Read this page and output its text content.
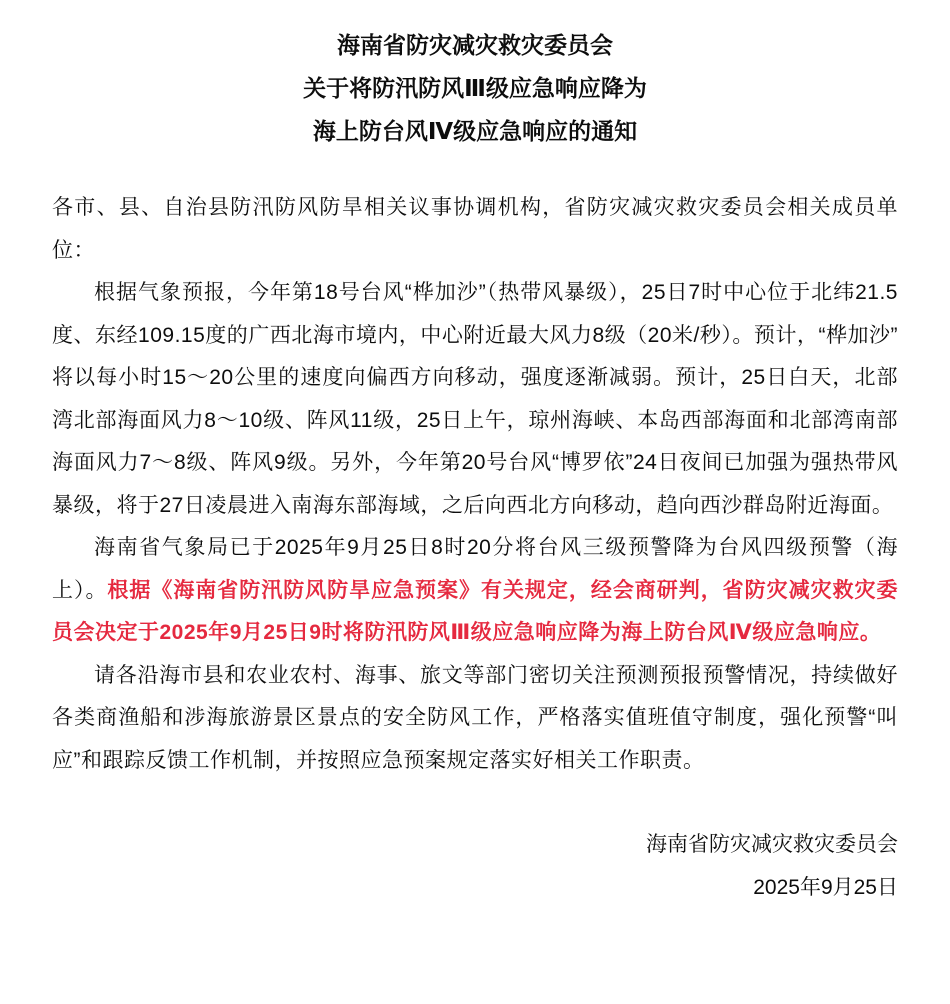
海南省防灾减灾救灾委员会
关于将防汛防风Ⅲ级应急响应降为
海上防台风Ⅳ级应急响应的通知

各市、县、自治县防汛防风防旱相关议事协调机构，省防灾减灾救灾委员会相关成员单位：

根据气象预报，今年第18号台风“桦加沙”（热带风暴级），25日7时中心位于北纬21.5度、东经109.15度的广西北海市境内，中心附近最大风力8级（20米/秒）。预计，“桦加沙”将以每小时15～20公里的速度向偏西方向移动，强度逐渐减弱。预计，25日白天，北部湾北部海面风力8～10级、阵风11级，25日上午，琼州海峡、本岛西部海面和北部湾南部海面风力7～8级、阵风9级。另外，今年第20号台风“博罗依”24日夜间已加强为强热带风暴级，将于27日凌晨进入南海东部海域，之后向西北方向移动，趋向西沙群岛附近海面。

海南省气象局已于2025年9月25日8时20分将台风三级预警降为台风四级预警（海上）。根据《海南省防汛防风防旱应急预案》有关规定，经会商研判，省防灾减灾救灾委员会决定于2025年9月25日9时将防汛防风Ⅲ级应急响应降为海上防台风Ⅳ级应急响应。

请各沿海市县和农业农村、海事、旅文等部门密切关注预测预报预警情况，持续做好各类商渔船和涉海旅游景区景点的安全防风工作，严格落实值班值守制度，强化预警“叫应”和跟踪反馈工作机制，并按照应急预案规定落实好相关工作职责。

海南省防灾减灾救灾委员会
2025年9月25日
